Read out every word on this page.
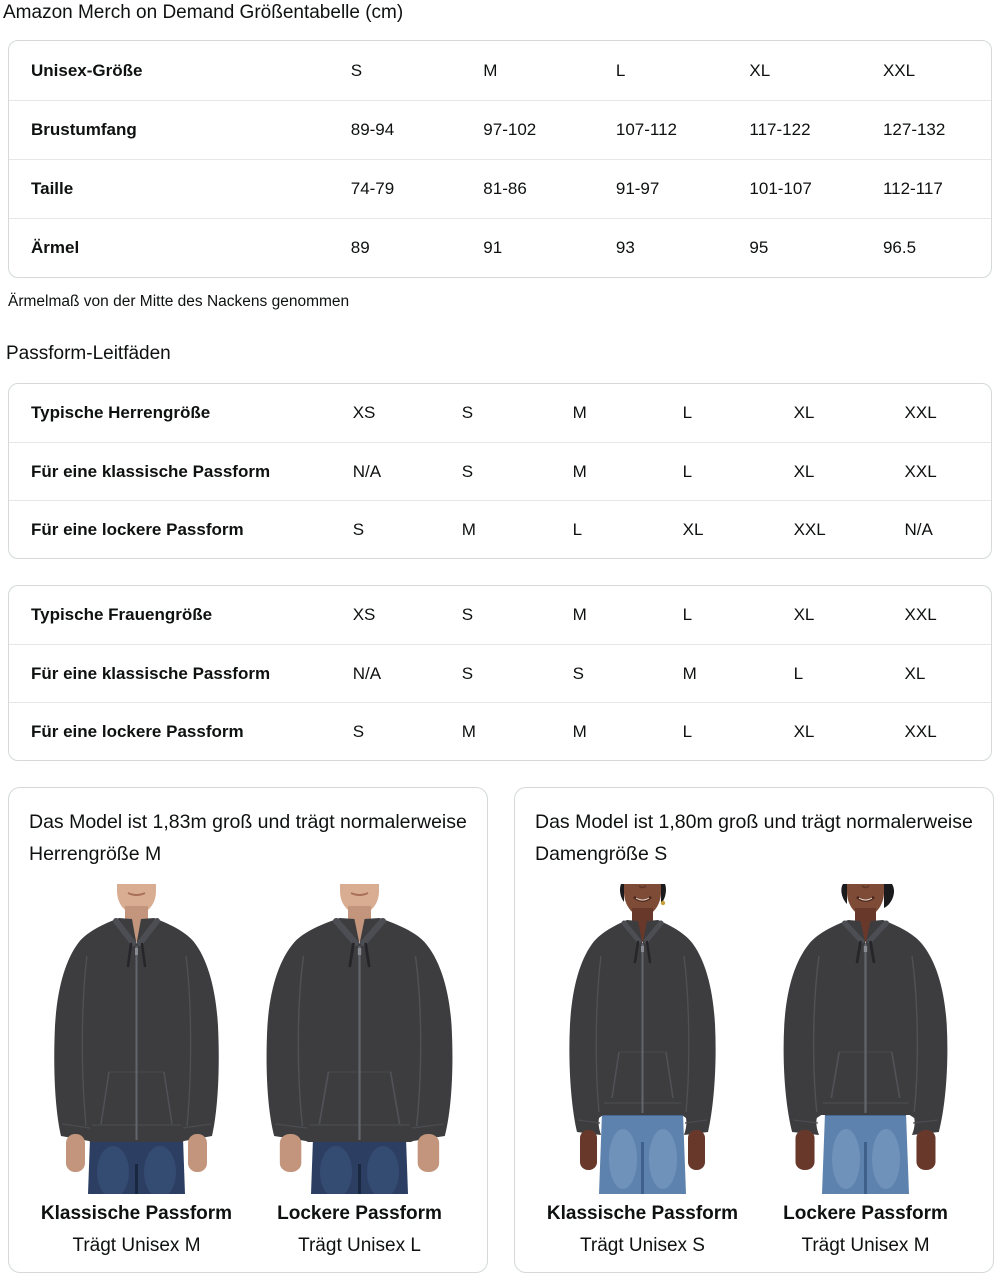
Amazon Merch on Demand Größentabelle (cm)
Unisex-Größe	S	M	L	XL	XXL
Brustumfang	89-94	97-102	107-112	117-122	127-132
Taille	74-79	81-86	91-97	101-107	112-117
Ärmel	89	91	93	95	96.5

Ärmelmaß von der Mitte des Nackens genommen

Passform-Leitfäden
Typische Herrengröße	XS	S	M	L	XL	XXL
Für eine klassische Passform	N/A	S	M	L	XL	XXL
Für eine lockere Passform	S	M	L	XL	XXL	N/A
Typische Frauengröße	XS	S	M	L	XL	XXL
Für eine klassische Passform	N/A	S	S	M	L	XL
Für eine lockere Passform	S	M	M	L	XL	XXL

Das Model ist 1,83m groß und trägt normalerweise Herrengröße M

Klassische Passform
Trägt Unisex M
Lockere Passform
Trägt Unisex L

Das Model ist 1,80m groß und trägt normalerweise Damengröße S

Klassische Passform
Trägt Unisex S
Lockere Passform
Trägt Unisex M
